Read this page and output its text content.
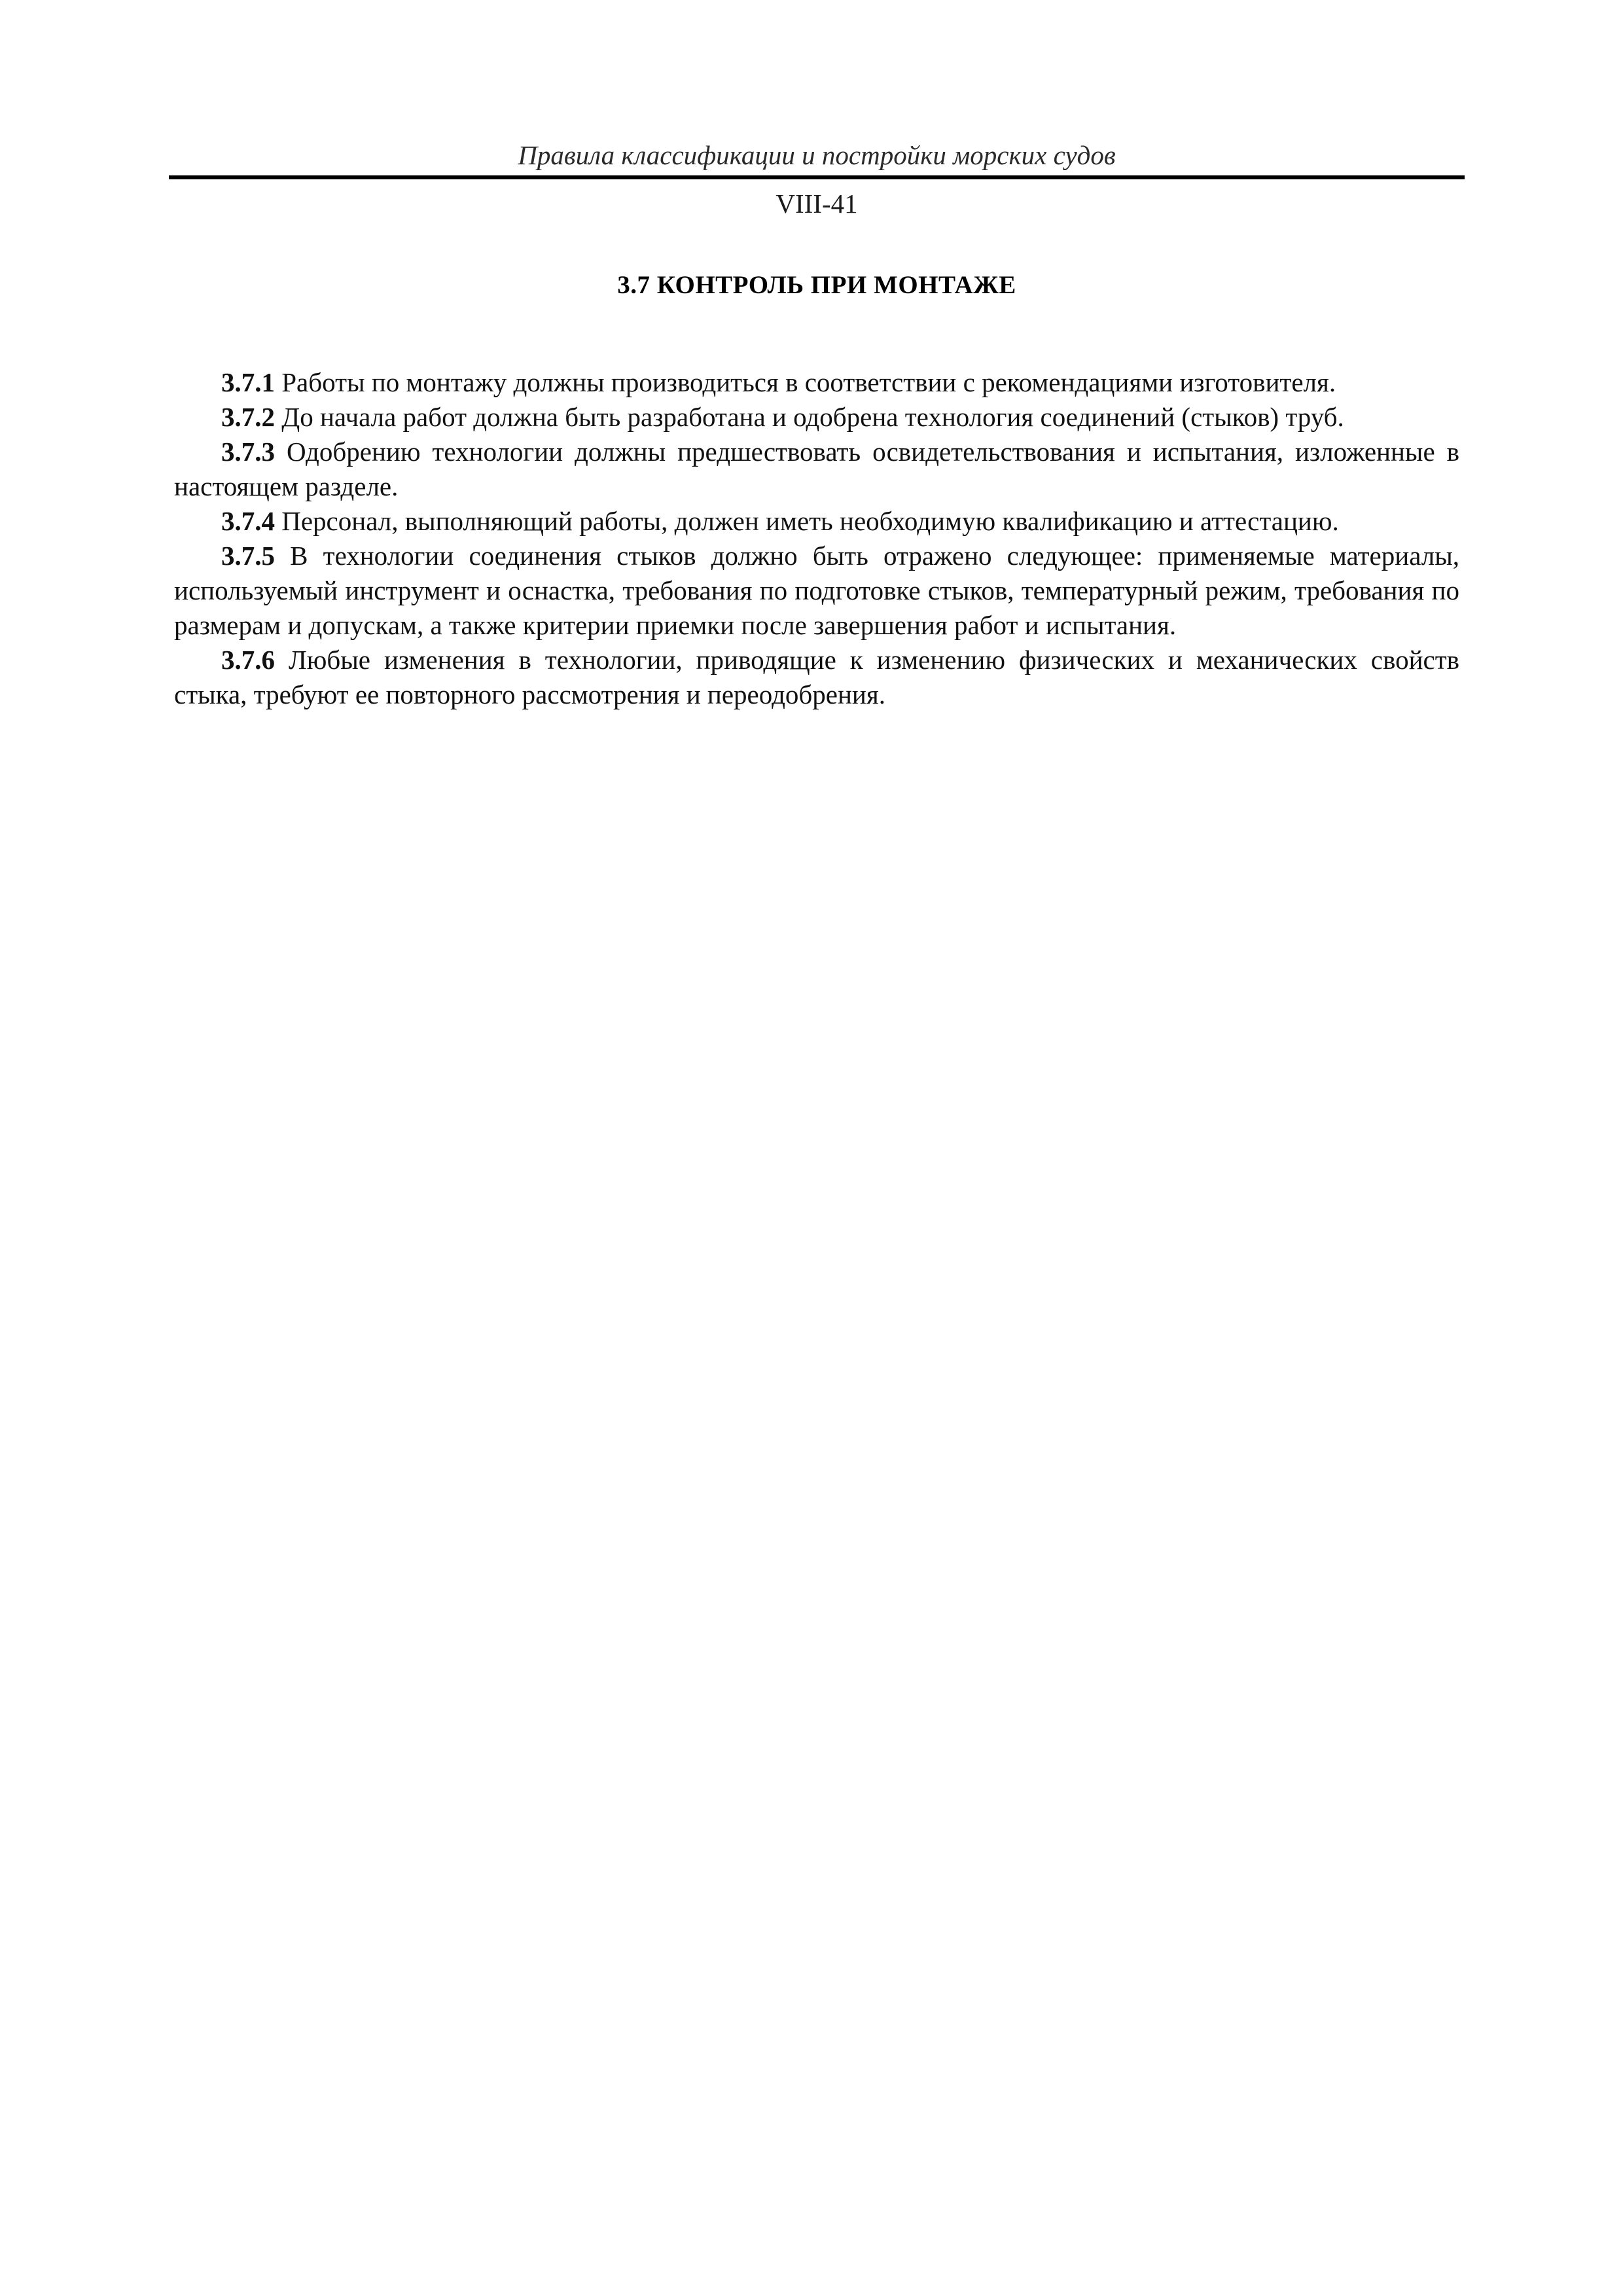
Правила классификации и постройки морских судов
VIII-41
3.7 КОНТРОЛЬ ПРИ МОНТАЖЕ

3.7.1 Работы по монтажу должны производиться в соответствии с рекомендациями изготовителя.

3.7.2 До начала работ должна быть разработана и одобрена технология соединений (стыков) труб.

3.7.3 Одобрению технологии должны предшествовать освидетельствования и испытания, изложенные в настоящем разделе.

3.7.4 Персонал, выполняющий работы, должен иметь необходимую квалификацию и аттестацию.

3.7.5 В технологии соединения стыков должно быть отражено следующее: применяемые материалы, используемый инструмент и оснастка, требования по подготовке стыков, температурный режим, требования по размерам и допускам, а также критерии приемки после завершения работ и испытания.

3.7.6 Любые изменения в технологии, приводящие к изменению физических и механических свойств стыка, требуют ее повторного рассмотрения и переодобрения.
